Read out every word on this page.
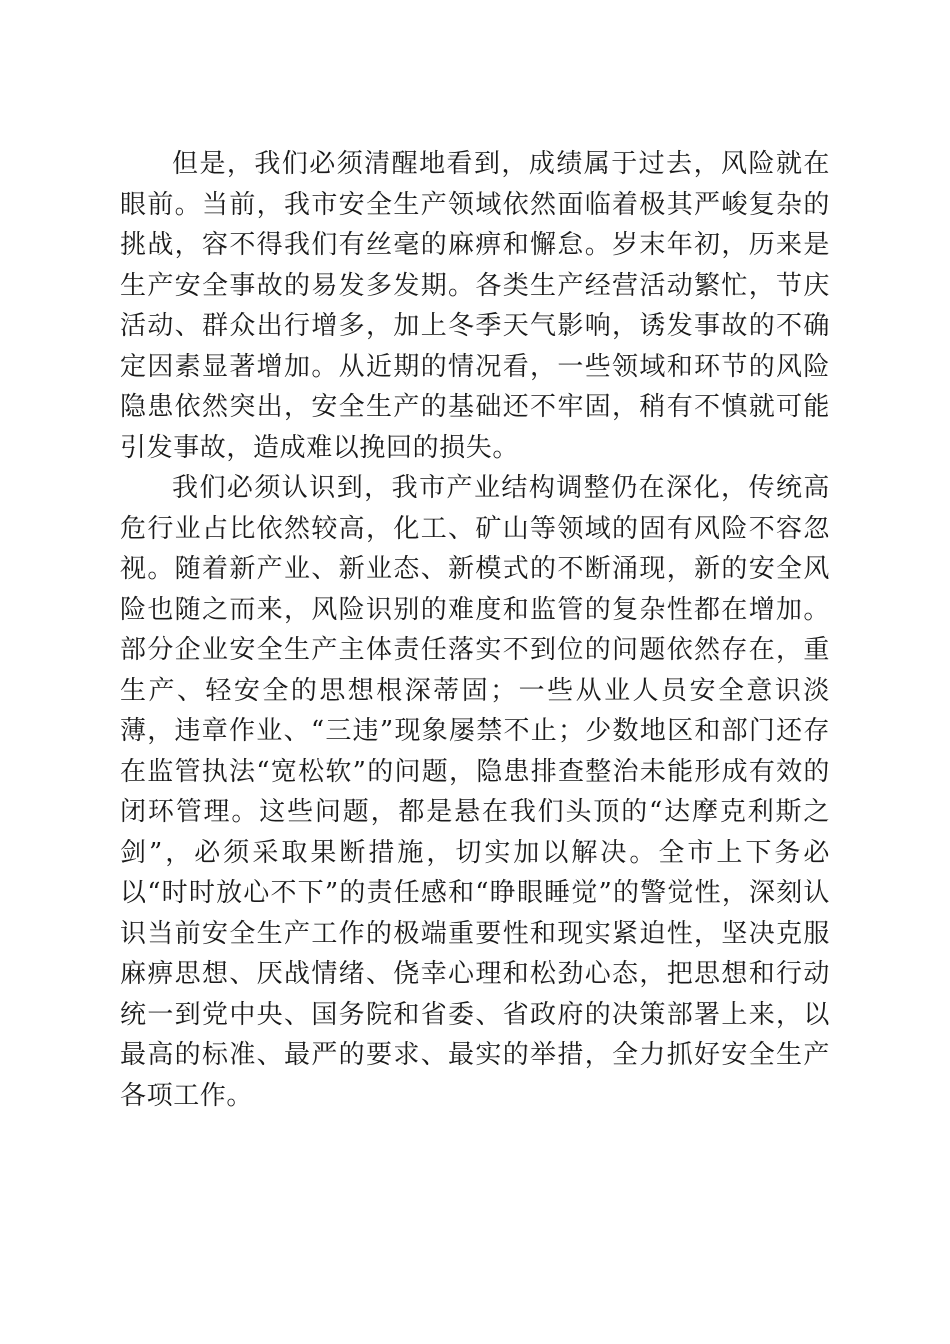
但是，我们必须清醒地看到，成绩属于过去，风险就在眼前。当前，我市安全生产领域依然面临着极其严峻复杂的挑战，容不得我们有丝毫的麻痹和懈怠。岁末年初，历来是生产安全事故的易发多发期。各类生产经营活动繁忙，节庆活动、群众出行增多，加上冬季天气影响，诱发事故的不确定因素显著增加。从近期的情况看，一些领域和环节的风险隐患依然突出，安全生产的基础还不牢固，稍有不慎就可能引发事故，造成难以挽回的损失。

我们必须认识到，我市产业结构调整仍在深化，传统高危行业占比依然较高，化工、矿山等领域的固有风险不容忽视。随着新产业、新业态、新模式的不断涌现，新的安全风险也随之而来，风险识别的难度和监管的复杂性都在增加。部分企业安全生产主体责任落实不到位的问题依然存在，重生产、轻安全的思想根深蒂固；一些从业人员安全意识淡薄，违章作业、“三违”现象屡禁不止；少数地区和部门还存在监管执法“宽松软”的问题，隐患排查整治未能形成有效的闭环管理。这些问题，都是悬在我们头顶的“达摩克利斯之剑”，必须采取果断措施，切实加以解决。全市上下务必以“时时放心不下”的责任感和“睁眼睡觉”的警觉性，深刻认识当前安全生产工作的极端重要性和现实紧迫性，坚决克服麻痹思想、厌战情绪、侥幸心理和松劲心态，把思想和行动统一到党中央、国务院和省委、省政府的决策部署上来，以最高的标准、最严的要求、最实的举措，全力抓好安全生产各项工作。
